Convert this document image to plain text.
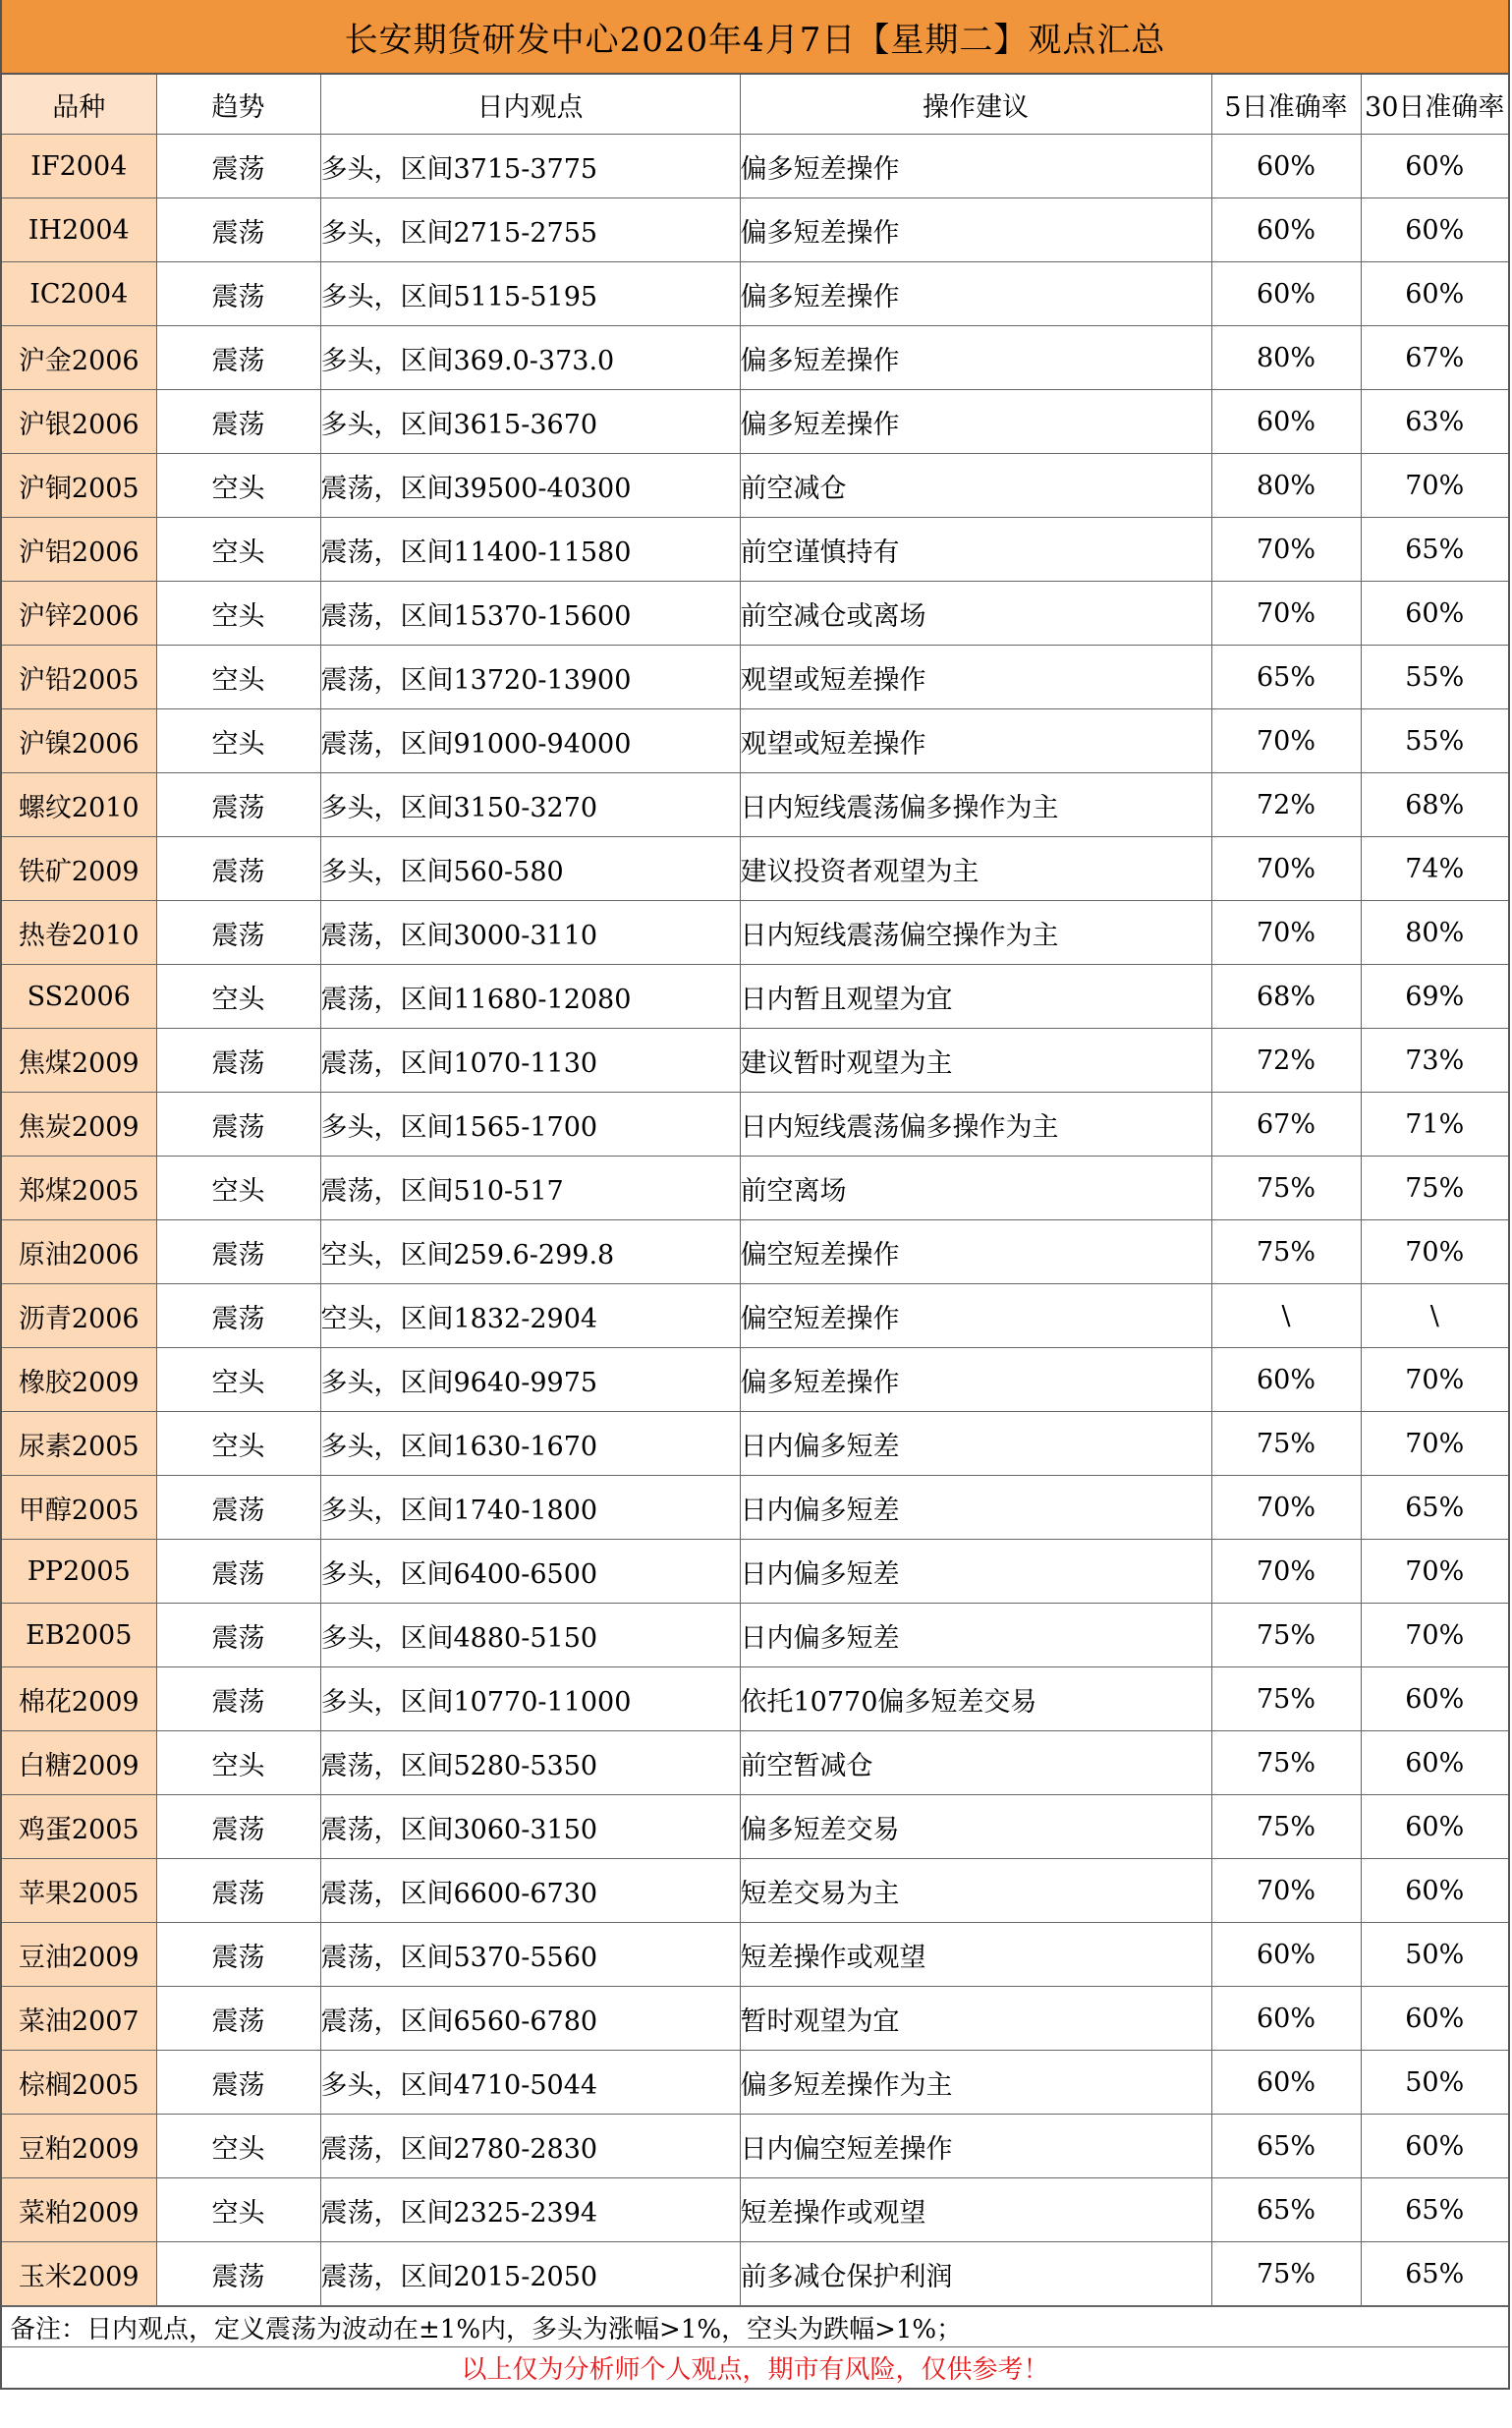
长安期货研发中心2020年4月7日【星期二】观点汇总
品种	趋势	日内观点	操作建议	5日准确率	30日准确率
IF2004	震荡	多头，区间3715-3775	偏多短差操作	60%	60%
IH2004	震荡	多头，区间2715-2755	偏多短差操作	60%	60%
IC2004	震荡	多头，区间5115-5195	偏多短差操作	60%	60%
沪金2006	震荡	多头，区间369.0-373.0	偏多短差操作	80%	67%
沪银2006	震荡	多头，区间3615-3670	偏多短差操作	60%	63%
沪铜2005	空头	震荡，区间39500-40300	前空减仓	80%	70%
沪铝2006	空头	震荡，区间11400-11580	前空谨慎持有	70%	65%
沪锌2006	空头	震荡，区间15370-15600	前空减仓或离场	70%	60%
沪铅2005	空头	震荡，区间13720-13900	观望或短差操作	65%	55%
沪镍2006	空头	震荡，区间91000-94000	观望或短差操作	70%	55%
螺纹2010	震荡	多头，区间3150-3270	日内短线震荡偏多操作为主	72%	68%
铁矿2009	震荡	多头，区间560-580	建议投资者观望为主	70%	74%
热卷2010	震荡	震荡，区间3000-3110	日内短线震荡偏空操作为主	70%	80%
SS2006	空头	震荡，区间11680-12080	日内暂且观望为宜	68%	69%
焦煤2009	震荡	震荡，区间1070-1130	建议暂时观望为主	72%	73%
焦炭2009	震荡	多头，区间1565-1700	日内短线震荡偏多操作为主	67%	71%
郑煤2005	空头	震荡，区间510-517	前空离场	75%	75%
原油2006	震荡	空头，区间259.6-299.8	偏空短差操作	75%	70%
沥青2006	震荡	空头，区间1832-2904	偏空短差操作	\	\
橡胶2009	空头	多头，区间9640-9975	偏多短差操作	60%	70%
尿素2005	空头	多头，区间1630-1670	日内偏多短差	75%	70%
甲醇2005	震荡	多头，区间1740-1800	日内偏多短差	70%	65%
PP2005	震荡	多头，区间6400-6500	日内偏多短差	70%	70%
EB2005	震荡	多头，区间4880-5150	日内偏多短差	75%	70%
棉花2009	震荡	多头，区间10770-11000	依托10770偏多短差交易	75%	60%
白糖2009	空头	震荡，区间5280-5350	前空暂减仓	75%	60%
鸡蛋2005	震荡	震荡，区间3060-3150	偏多短差交易	75%	60%
苹果2005	震荡	震荡，区间6600-6730	短差交易为主	70%	60%
豆油2009	震荡	震荡，区间5370-5560	短差操作或观望	60%	50%
菜油2007	震荡	震荡，区间6560-6780	暂时观望为宜	60%	60%
棕榈2005	震荡	多头，区间4710-5044	偏多短差操作为主	60%	50%
豆粕2009	空头	震荡，区间2780-2830	日内偏空短差操作	65%	60%
菜粕2009	空头	震荡，区间2325-2394	短差操作或观望	65%	65%
玉米2009	震荡	震荡，区间2015-2050	前多减仓保护利润	75%	65%
备注：日内观点，定义震荡为波动在±1%内，多头为涨幅>1%，空头为跌幅>1%；
以上仅为分析师个人观点，期市有风险，仅供参考！
